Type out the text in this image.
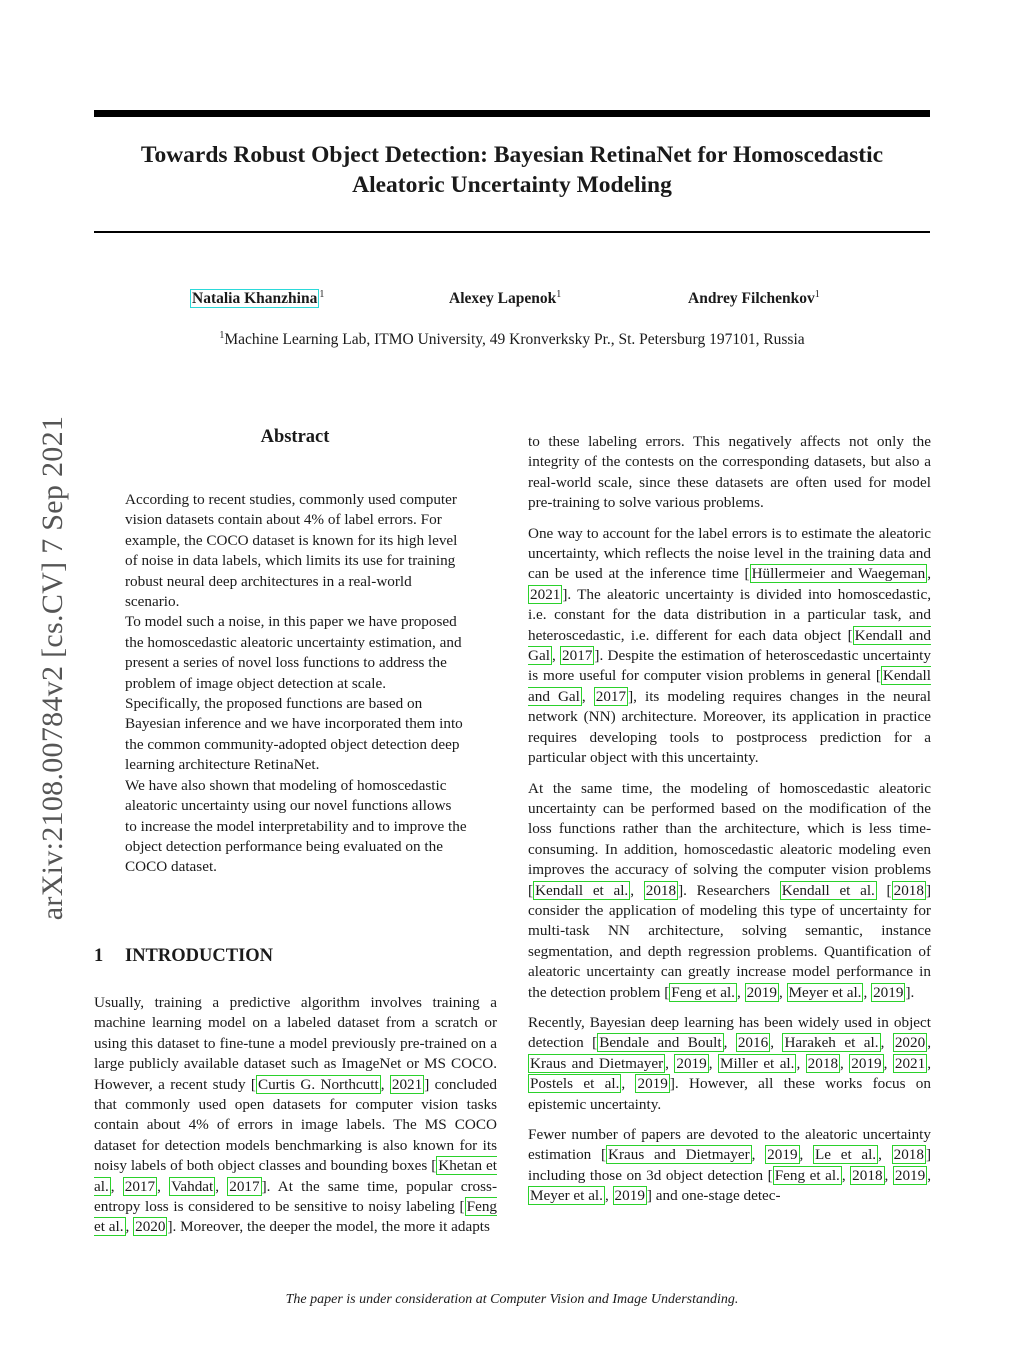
Towards Robust Object Detection: Bayesian RetinaNet for Homoscedastic Aleatoric Uncertainty Modeling
Natalia Khanzhina $^1$	Alexey Lapenok$^1$	Andrey Filchenkov$^1$
$^1$Machine Learning Lab, ITMO University, 49 Kronverksky Pr., St. Petersburg 197101, Russia
arXiv:2108.00784v2 [cs.CV] 7 Sep 2021	Abstract

According to recent studies, commonly used computer vision datasets contain about 4% of label errors. For example, the COCO dataset is known for its high level of noise in data labels, which limits its use for training robust neural deep architectures in a real-world scenario.

To model such a noise, in this paper we have proposed the homoscedastic aleatoric uncertainty estimation, and present a series of novel loss functions to address the problem of image object detection at scale.

Specifically, the proposed functions are based on Bayesian inference and we have incorporated them into the common community-adopted object detection deep learning architecture RetinaNet.

We have also shown that modeling of homoscedastic aleatoric uncertainty using our novel functions allows to increase the model interpretability and to improve the object detection performance being evaluated on the COCO dataset.

1 INTRODUCTION

Usually, training a predictive algorithm involves training a machine learning model on a labeled dataset from a scratch or using this dataset to fine-tune a model previously pre-trained on a large publicly available dataset such as ImageNet or MS COCO. However, a recent study [ Curtis G. Northcutt , 2021 ] concluded that commonly used open datasets for computer vision tasks contain about 4% of errors in image labels. The MS COCO dataset for detection models benchmarking is also known for its noisy labels of both object classes and bounding boxes [ Khetan et al. , 2017 , Vahdat , 2017 ]. At the same time, popular cross-entropy loss is considered to be sensitive to noisy labeling [ Feng et al. , 2020 ]. Moreover, the deeper the model, the more it adapts

to these labeling errors. This negatively affects not only the integrity of the contests on the corresponding datasets, but also a real-world scale, since these datasets are often used for model pre-training to solve various problems.

One way to account for the label errors is to estimate the aleatoric uncertainty, which reflects the noise level in the training data and can be used at the inference time [ Hüllermeier and Waegeman , 2021 ]. The aleatoric uncertainty is divided into homoscedastic, i.e. constant for the data distribution in a particular task, and heteroscedastic, i.e. different for each data object [ Kendall and Gal , 2017 ]. Despite the estimation of heteroscedastic uncertainty is more useful for computer vision problems in general [ Kendall and Gal , 2017 ], its modeling requires changes in the neural network (NN) architecture. Moreover, its application in practice requires developing tools to postprocess prediction for a particular object with this uncertainty.

At the same time, the modeling of homoscedastic aleatoric uncertainty can be performed based on the modification of the loss functions rather than the architecture, which is less time-consuming. In addition, homoscedastic aleatoric modeling even improves the accuracy of solving the computer vision problems [ Kendall et al. , 2018 ]. Researchers Kendall et al. [ 2018 ] consider the application of modeling this type of uncertainty for multi-task NN architecture, solving semantic, instance segmentation, and depth regression problems. Quantification of aleatoric uncertainty can greatly increase model performance in the detection problem [ Feng et al. , 2019 , Meyer et al. , 2019 ].

Recently, Bayesian deep learning has been widely used in object detection [ Bendale and Boult , 2016 , Harakeh et al. , 2020 , Kraus and Dietmayer , 2019 , Miller et al. , 2018 , 2019 , 2021 , Postels et al. , 2019 ]. However, all these works focus on epistemic uncertainty.

Fewer number of papers are devoted to the aleatoric uncertainty estimation [ Kraus and Dietmayer , 2019 , Le et al. , 2018 ] including those on 3d object detection [ Feng et al. , 2018 , 2019 , Meyer et al. , 2019 ] and one-stage detec-

The paper is under consideration at Computer Vision and Image Understanding.
